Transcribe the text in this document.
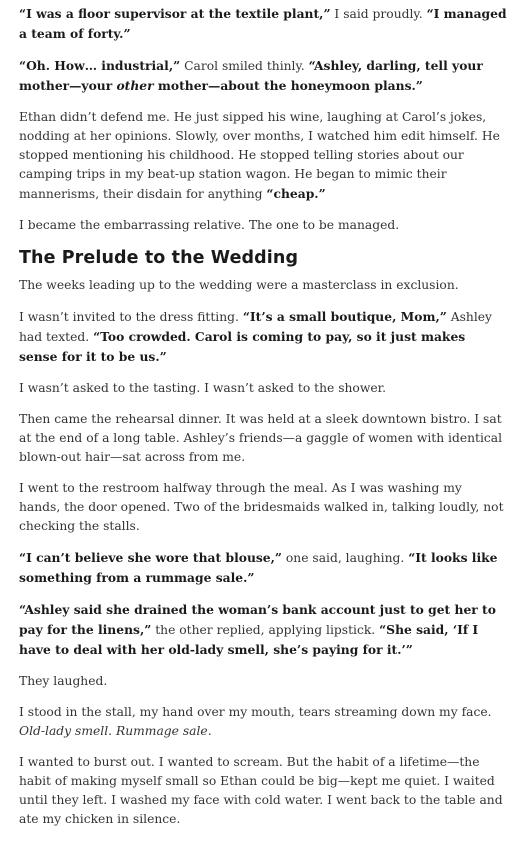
“I was a floor supervisor at the textile plant,” I said proudly. “I managed a team of forty.”

“Oh. How… industrial,” Carol smiled thinly. “Ashley, darling, tell your mother—your other mother—about the honeymoon plans.”

Ethan didn’t defend me. He just sipped his wine, laughing at Carol’s jokes, nodding at her opinions. Slowly, over months, I watched him edit himself. He stopped mentioning his childhood. He stopped telling stories about our camping trips in my beat-up station wagon. He began to mimic their mannerisms, their disdain for anything “cheap.”

I became the embarrassing relative. The one to be managed.

The Prelude to the Wedding

The weeks leading up to the wedding were a masterclass in exclusion.

I wasn’t invited to the dress fitting. “It’s a small boutique, Mom,” Ashley had texted. “Too crowded. Carol is coming to pay, so it just makes sense for it to be us.”

I wasn’t asked to the tasting. I wasn’t asked to the shower.

Then came the rehearsal dinner. It was held at a sleek downtown bistro. I sat at the end of a long table. Ashley’s friends—a gaggle of women with identical blown-out hair—sat across from me.

I went to the restroom halfway through the meal. As I was washing my hands, the door opened. Two of the bridesmaids walked in, talking loudly, not checking the stalls.

“I can’t believe she wore that blouse,” one said, laughing. “It looks like something from a rummage sale.”

“Ashley said she drained the woman’s bank account just to get her to pay for the linens,” the other replied, applying lipstick. “She said, ‘If I have to deal with her old-lady smell, she’s paying for it.’”

They laughed.

I stood in the stall, my hand over my mouth, tears streaming down my face. Old-lady smell. Rummage sale.

I wanted to burst out. I wanted to scream. But the habit of a lifetime—the habit of making myself small so Ethan could be big—kept me quiet. I waited until they left. I washed my face with cold water. I went back to the table and ate my chicken in silence.
